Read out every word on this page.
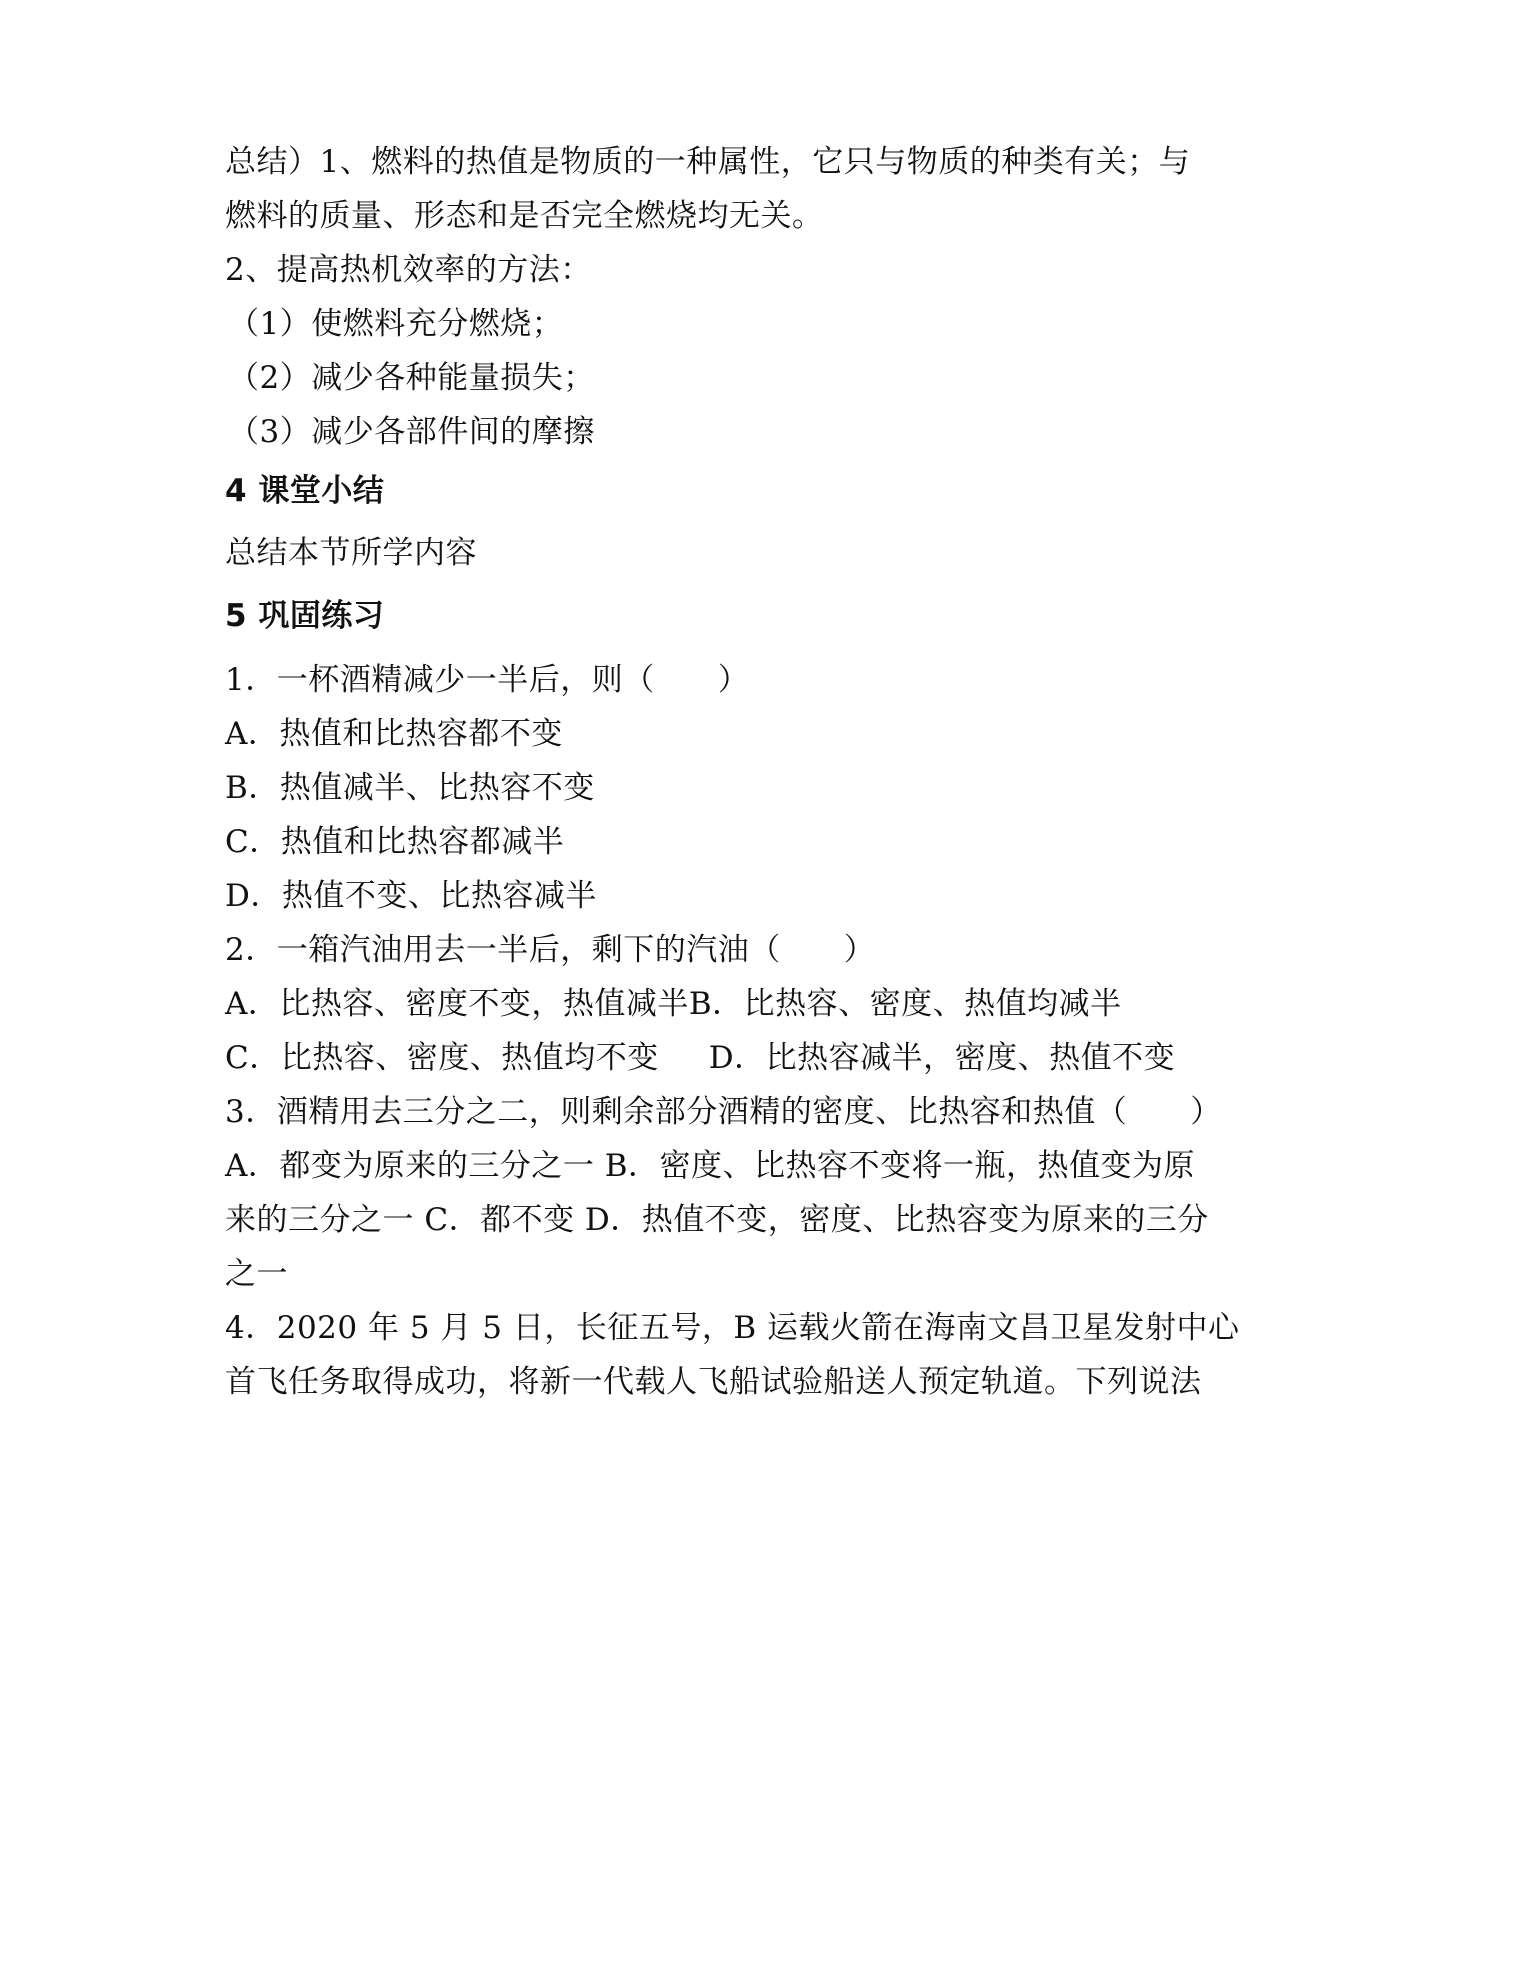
总结）1、燃料的热值是物质的一种属性，它只与物质的种类有关；与
燃料的质量、形态和是否完全燃烧均无关。
2、提高热机效率的方法：
（1）使燃料充分燃烧；
（2）减少各种能量损失；
（3）减少各部件间的摩擦
4 课堂小结
总结本节所学内容
5 巩固练习
1．一杯酒精减少一半后，则（　　）
A．热值和比热容都不变
B．热值减半、比热容不变
C．热值和比热容都减半
D．热值不变、比热容减半
2．一箱汽油用去一半后，剩下的汽油（　　）
A．比热容、密度不变，热值减半B．比热容、密度、热值均减半
C．比热容、密度、热值均不变 D．比热容减半，密度、热值不变
3．酒精用去三分之二，则剩余部分酒精的密度、比热容和热值（　　）
A．都变为原来的三分之一 B．密度、比热容不变将一瓶，热值变为原
来的三分之一 C．都不变 D．热值不变，密度、比热容变为原来的三分
之一
4．2020 年 5 月 5 日，长征五号，B 运载火箭在海南文昌卫星发射中心
首飞任务取得成功，将新一代载人飞船试验船送人预定轨道。下列说法
